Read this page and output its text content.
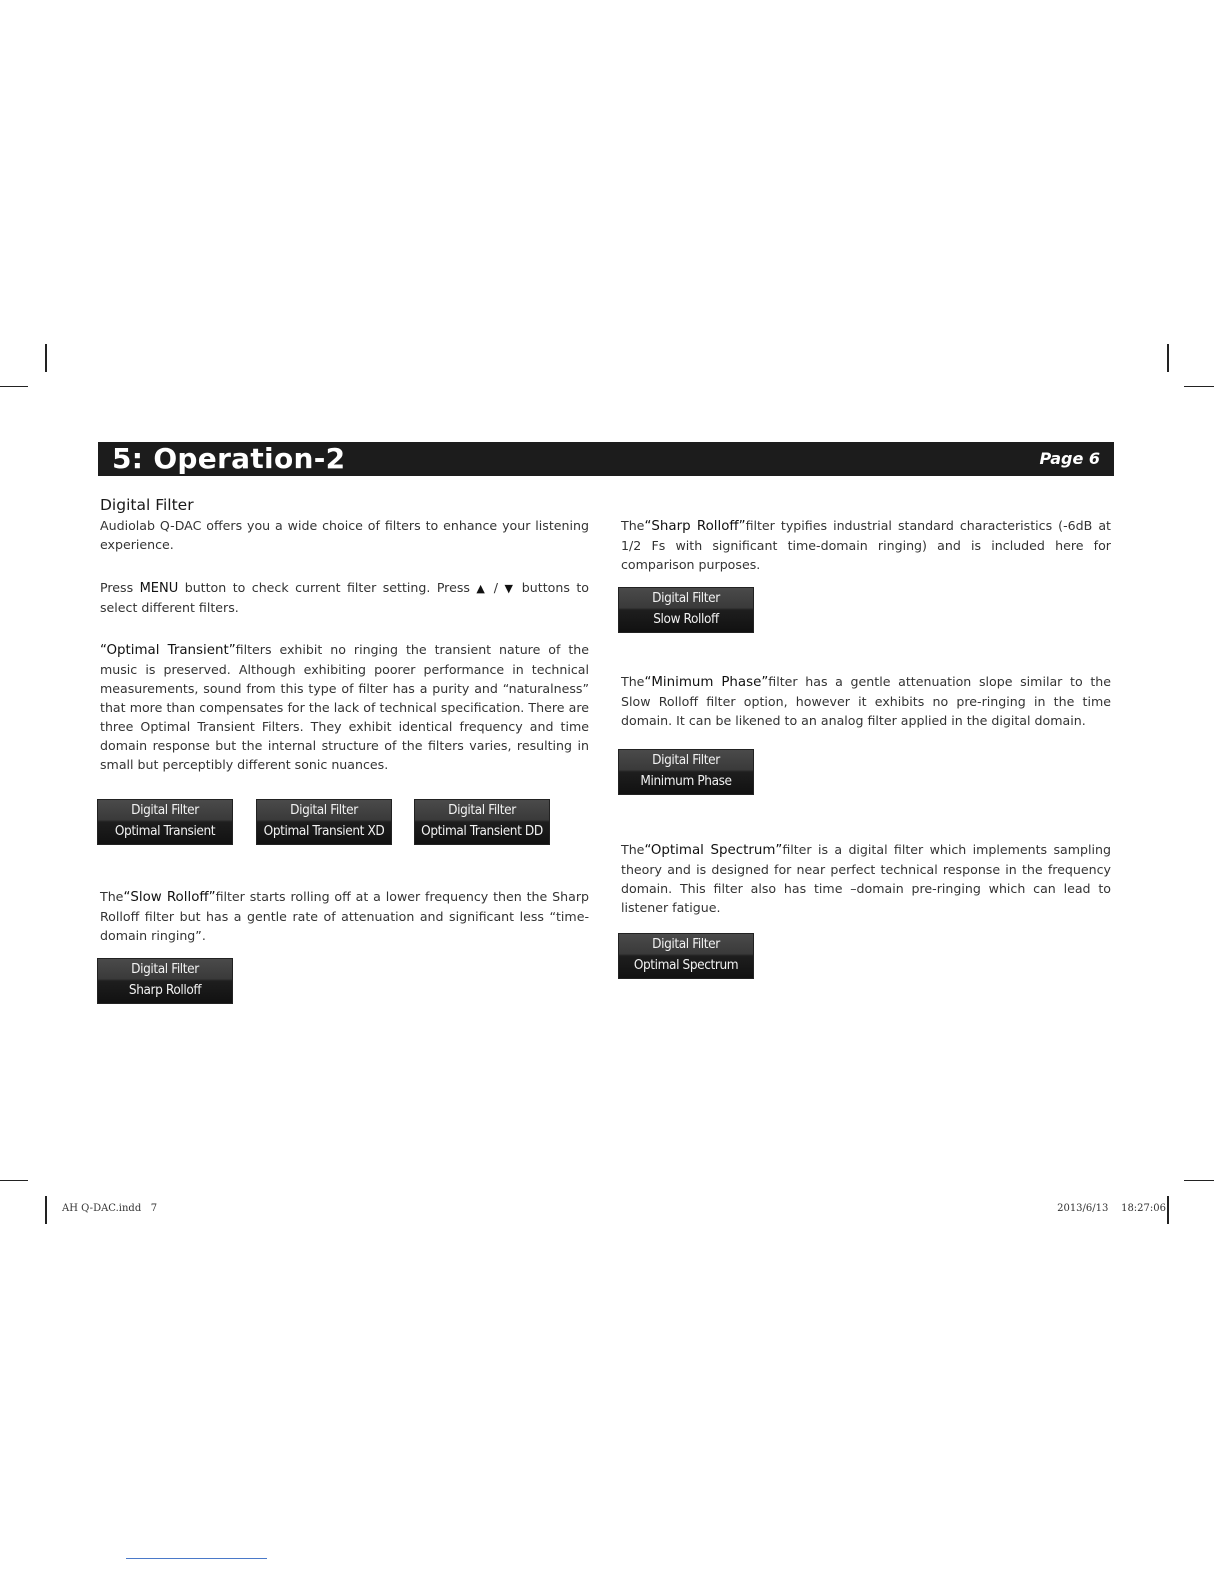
5: Operation-2	Page 6
Digital Filter

Audiolab Q-DAC offers you a wide choice of filters to enhance your listening experience.

Press MENU button to check current filter setting. Press ▲ / ▼ buttons to select different filters.

“Optimal Transient”filters exhibit no ringing the transient nature of the music is preserved. Although exhibiting poorer performance in technical measurements, sound from this type of filter has a purity and “naturalness” that more than compensates for the lack of technical specification. There are three Optimal Transient Filters. They exhibit identical frequency and time domain response but the internal structure of the filters varies, resulting in small but perceptibly different sonic nuances.

Digital Filter
Optimal Transient
Digital Filter
Optimal Transient XD
Digital Filter
Optimal Transient DD

The“Slow Rolloff”filter starts rolling off at a lower frequency then the Sharp Rolloff filter but has a gentle rate of attenuation and significant less “time-domain ringing”.

Digital Filter
Sharp Rolloff

The“Sharp Rolloff”filter typifies industrial standard characteristics (-6dB at 1/2 Fs with significant time-domain ringing) and is included here for comparison purposes.

Digital Filter
Slow Rolloff

The“Minimum Phase”filter has a gentle attenuation slope similar to the Slow Rolloff filter option, however it exhibits no pre-ringing in the time domain. It can be likened to an analog filter applied in the digital domain.

Digital Filter
Minimum Phase

The“Optimal Spectrum”filter is a digital filter which implements sampling theory and is designed for near perfect technical response in the frequency domain. This filter also has time –domain pre-ringing which can lead to listener fatigue.

Digital Filter
Optimal Spectrum
AH Q-DAC.indd   7	2013/6/13    18:27:06
